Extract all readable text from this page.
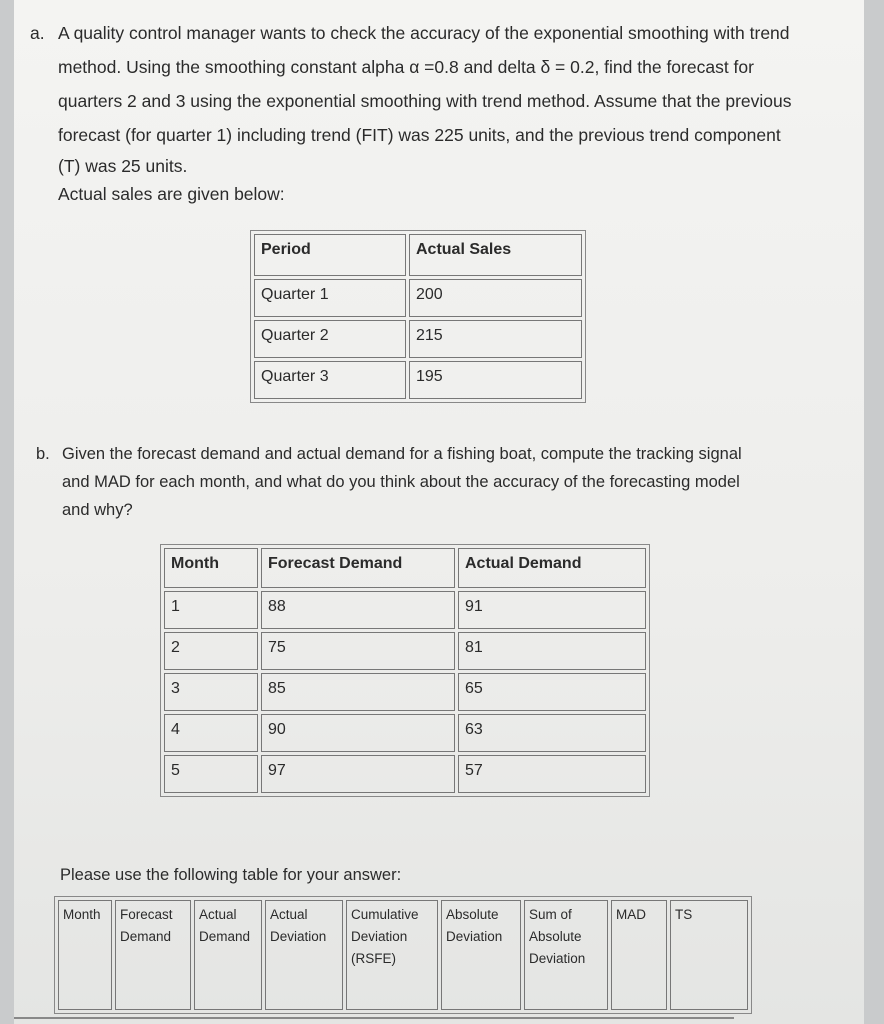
a. A quality control manager wants to check the accuracy of the exponential smoothing with trend

method. Using the smoothing constant alpha α =0.8 and delta δ = 0.2, find the forecast for

quarters 2 and 3 using the exponential smoothing with trend method. Assume that the previous

forecast (for quarter 1) including trend (FIT) was 225 units, and the previous trend component

(T) was 25 units.

Actual sales are given below:

Period	Actual Sales
Quarter 1	200
Quarter 2	215
Quarter 3	195
b. Given the forecast demand and actual demand for a fishing boat, compute the tracking signal

and MAD for each month, and what do you think about the accuracy of the forecasting model

and why?

Month	Forecast Demand	Actual Demand
1	88	91
2	75	81
3	85	65
4	90	63
5	97	57
Please use the following table for your answer:
Month	Forecast Demand	Actual Demand	Actual Deviation	Cumulative Deviation (RSFE)	Absolute Deviation	Sum of Absolute Deviation	MAD	TS
